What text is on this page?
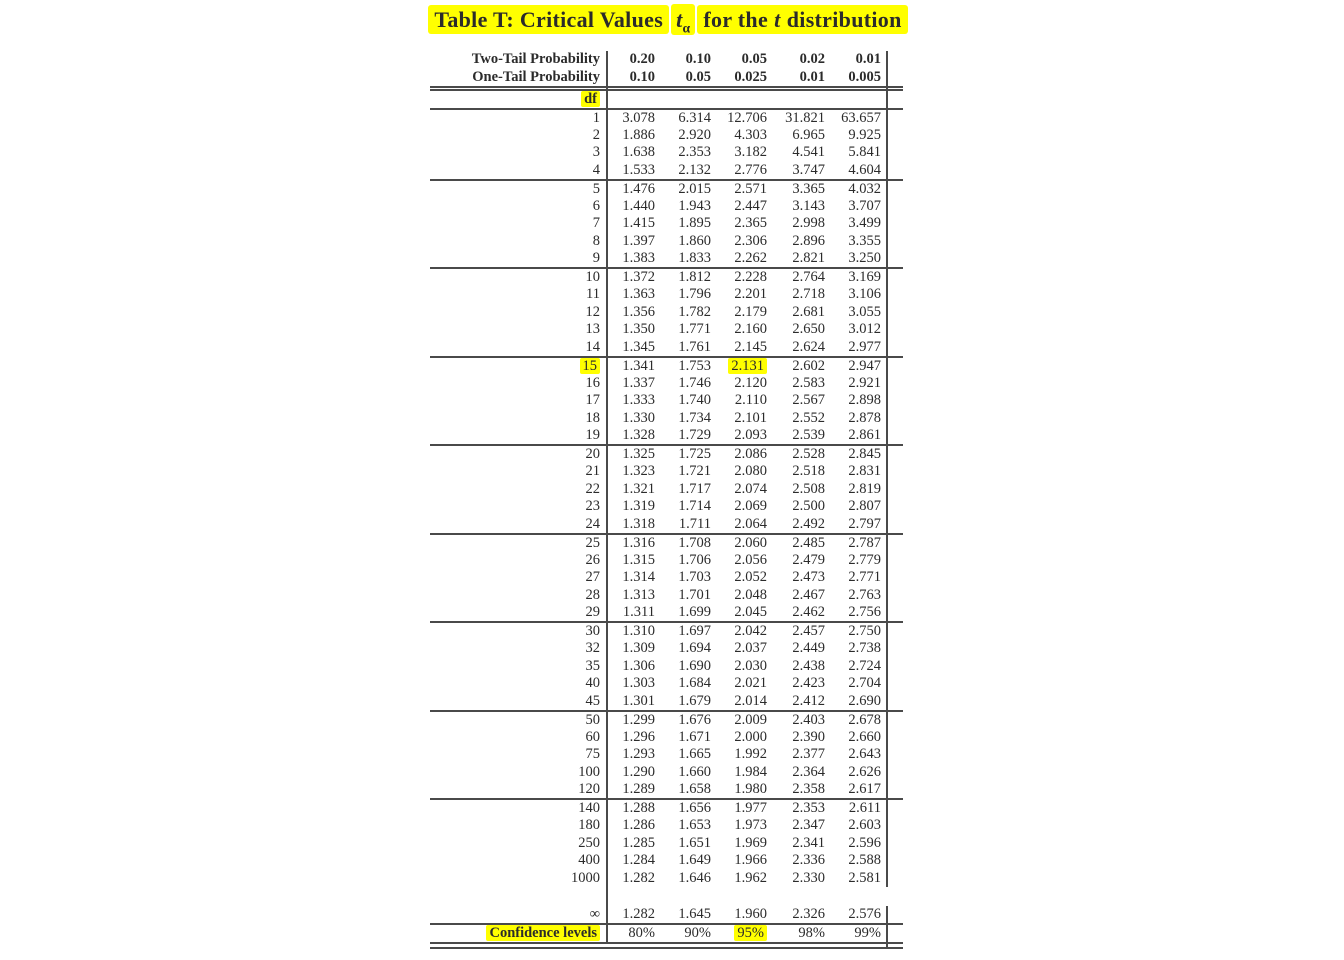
Table T: Critical Values $t_\alpha$ for the t distribution
Two-Tail Probability	0.20	0.10	0.05	0.02	0.01	
One-Tail Probability	0.10	0.05	0.025	0.01	0.005	

df						
1	3.078	6.314	12.706	31.821	63.657	
2	1.886	2.920	4.303	6.965	9.925	
3	1.638	2.353	3.182	4.541	5.841	
4	1.533	2.132	2.776	3.747	4.604	
5	1.476	2.015	2.571	3.365	4.032	
6	1.440	1.943	2.447	3.143	3.707	
7	1.415	1.895	2.365	2.998	3.499	
8	1.397	1.860	2.306	2.896	3.355	
9	1.383	1.833	2.262	2.821	3.250	
10	1.372	1.812	2.228	2.764	3.169	
11	1.363	1.796	2.201	2.718	3.106	
12	1.356	1.782	2.179	2.681	3.055	
13	1.350	1.771	2.160	2.650	3.012	
14	1.345	1.761	2.145	2.624	2.977	
15	1.341	1.753	2.131	2.602	2.947	
16	1.337	1.746	2.120	2.583	2.921	
17	1.333	1.740	2.110	2.567	2.898	
18	1.330	1.734	2.101	2.552	2.878	
19	1.328	1.729	2.093	2.539	2.861	
20	1.325	1.725	2.086	2.528	2.845	
21	1.323	1.721	2.080	2.518	2.831	
22	1.321	1.717	2.074	2.508	2.819	
23	1.319	1.714	2.069	2.500	2.807	
24	1.318	1.711	2.064	2.492	2.797	
25	1.316	1.708	2.060	2.485	2.787	
26	1.315	1.706	2.056	2.479	2.779	
27	1.314	1.703	2.052	2.473	2.771	
28	1.313	1.701	2.048	2.467	2.763	
29	1.311	1.699	2.045	2.462	2.756	
30	1.310	1.697	2.042	2.457	2.750	
32	1.309	1.694	2.037	2.449	2.738	
35	1.306	1.690	2.030	2.438	2.724	
40	1.303	1.684	2.021	2.423	2.704	
45	1.301	1.679	2.014	2.412	2.690	
50	1.299	1.676	2.009	2.403	2.678	
60	1.296	1.671	2.000	2.390	2.660	
75	1.293	1.665	1.992	2.377	2.643	
100	1.290	1.660	1.984	2.364	2.626	
120	1.289	1.658	1.980	2.358	2.617	
140	1.288	1.656	1.977	2.353	2.611	
180	1.286	1.653	1.973	2.347	2.603	
250	1.285	1.651	1.969	2.341	2.596	
400	1.284	1.649	1.966	2.336	2.588	
1000	1.282	1.646	1.962	2.330	2.581	

∞	1.282	1.645	1.960	2.326	2.576	
Confidence levels	80%	90%	95%	98%	99%	
